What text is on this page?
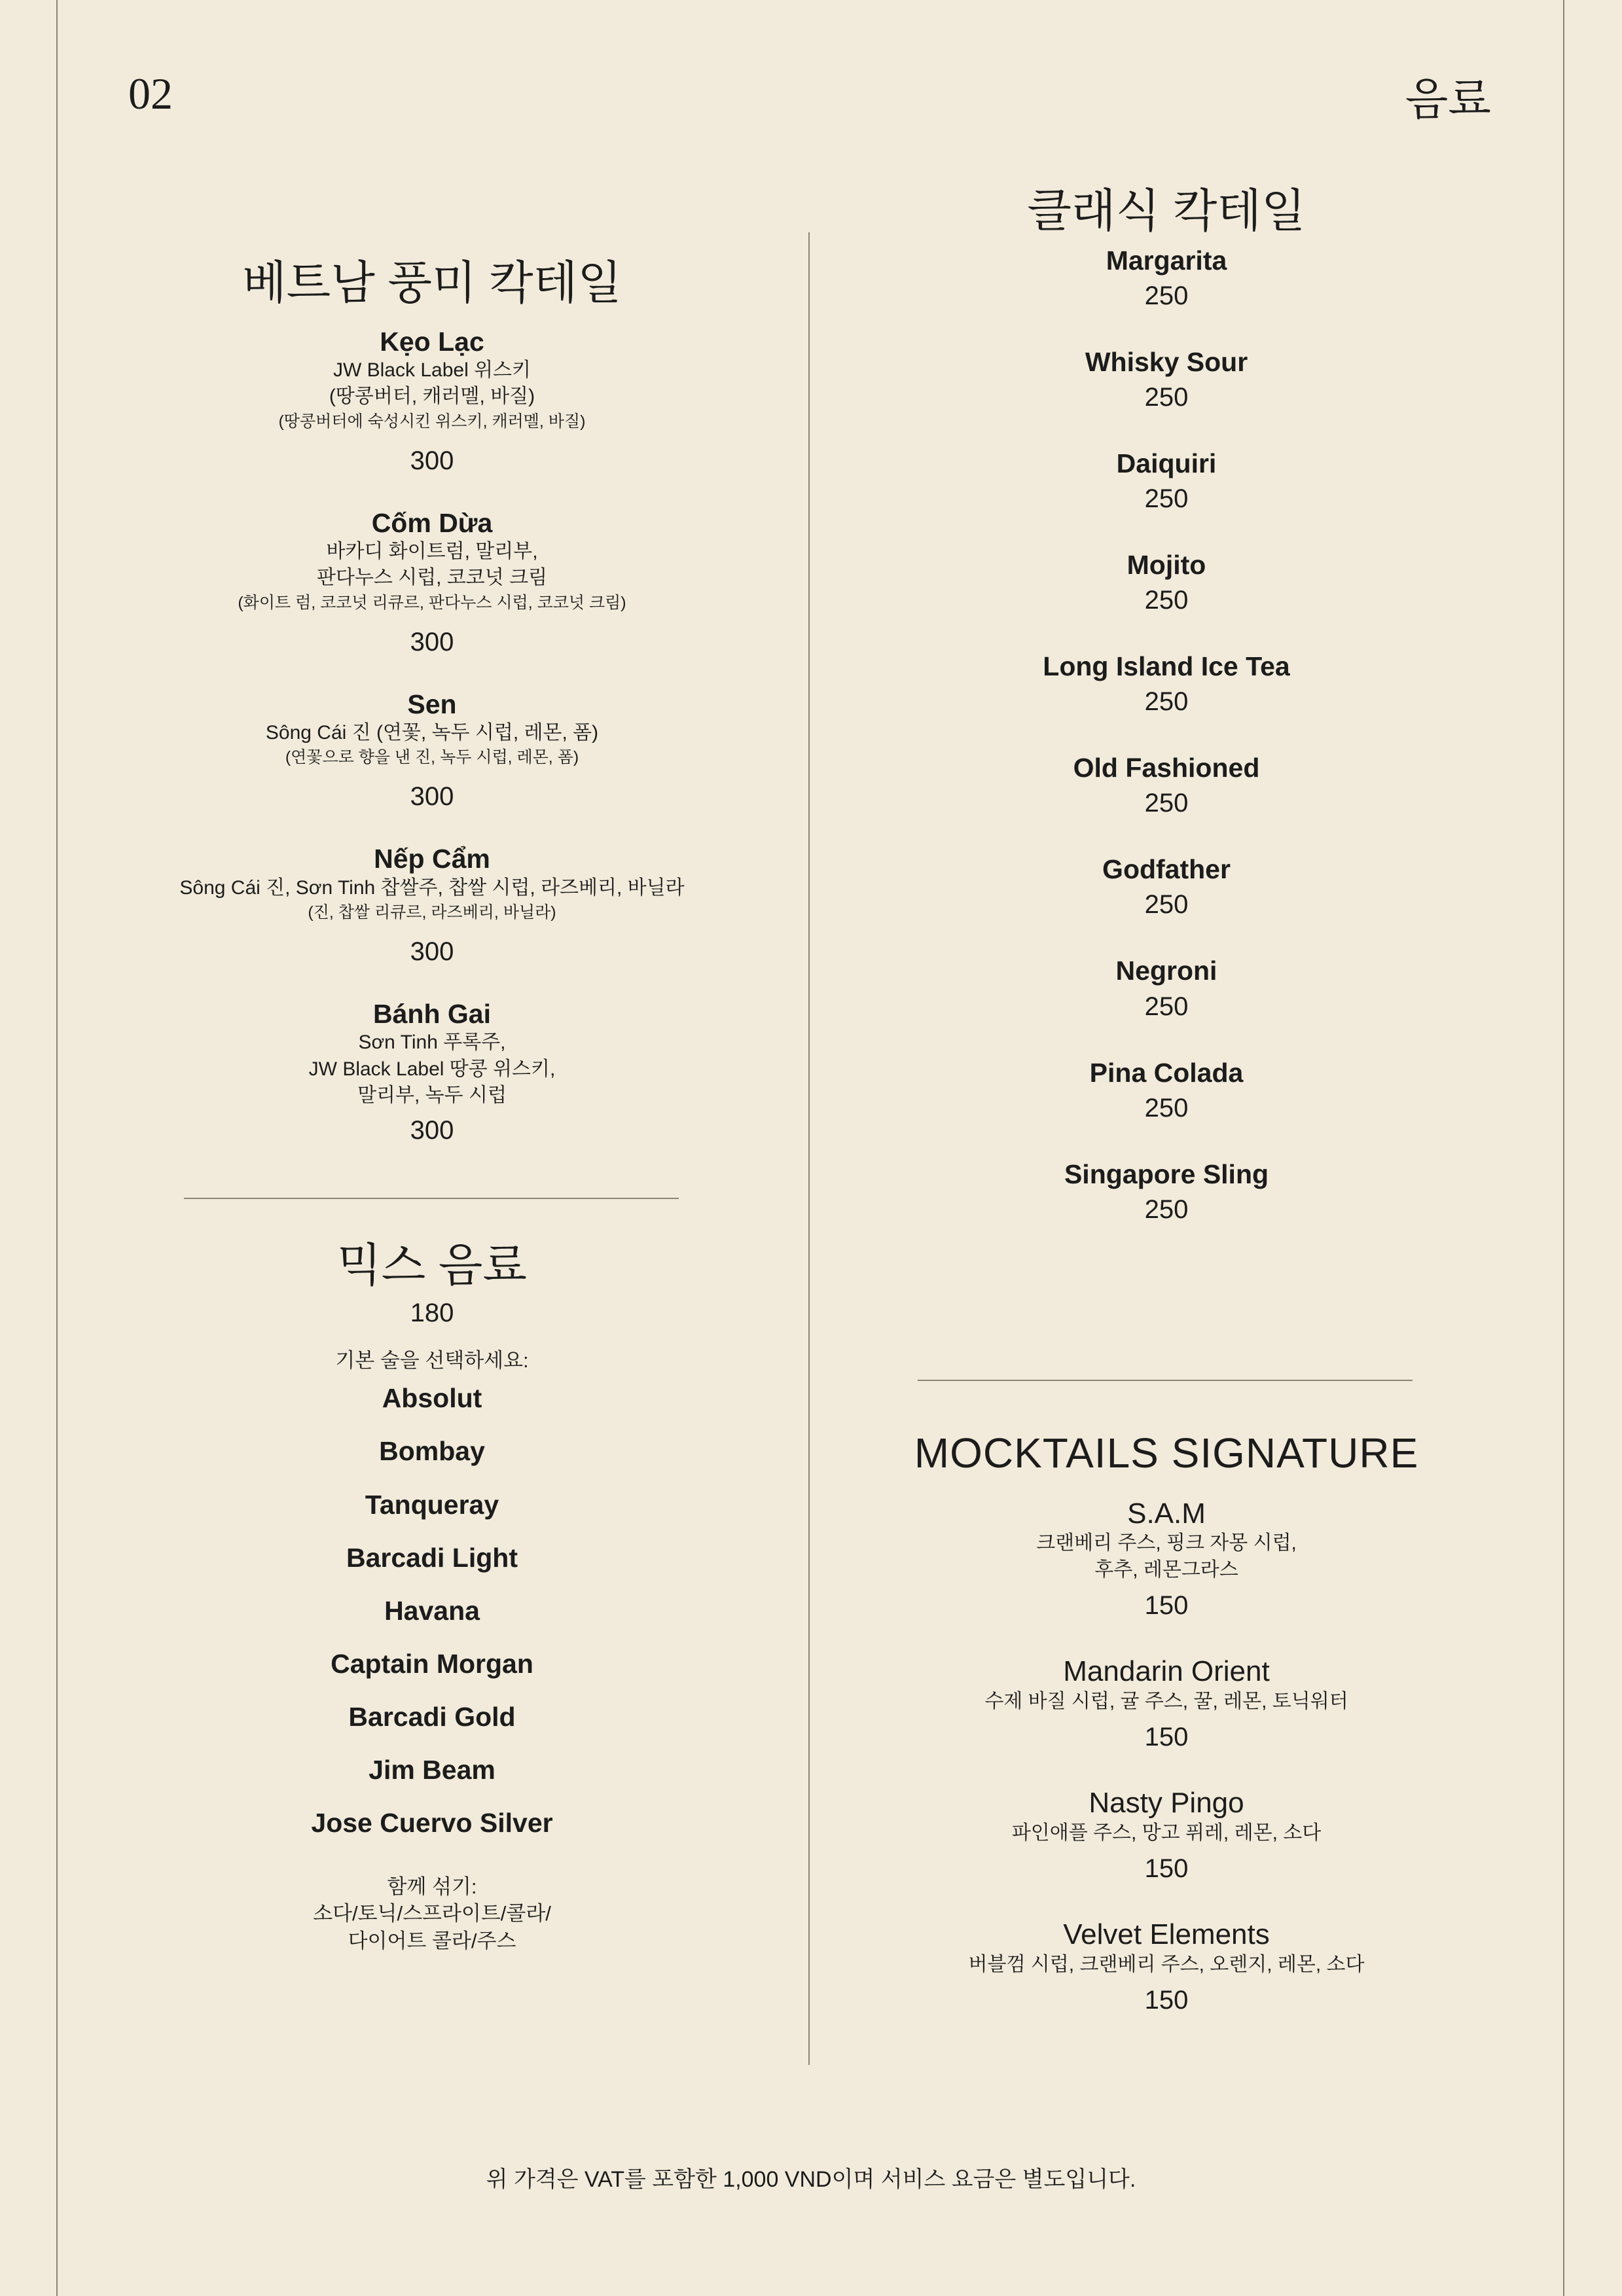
02	음료
베트남 풍미 칵테일
Kẹo Lạc
JW Black Label 위스키
(땅콩버터, 캐러멜, 바질)
(땅콩버터에 숙성시킨 위스키, 캐러멜, 바질)
300
Cốm Dừa
바카디 화이트럼, 말리부,
판다누스 시럽, 코코넛 크림
(화이트 럼, 코코넛 리큐르, 판다누스 시럽, 코코넛 크림)
300
Sen
Sông Cái 진 (연꽃, 녹두 시럽, 레몬, 폼)
(연꽃으로 향을 낸 진, 녹두 시럽, 레몬, 폼)
300
Nếp Cẩm
Sông Cái 진, Sơn Tinh 찹쌀주, 찹쌀 시럽, 라즈베리, 바닐라
(진, 찹쌀 리큐르, 라즈베리, 바닐라)
300
Bánh Gai
Sơn Tinh 푸록주,
JW Black Label 땅콩 위스키,
말리부, 녹두 시럽
300
믹스 음료
180
기본 술을 선택하세요:
Absolut
Bombay
Tanqueray
Barcadi Light
Havana
Captain Morgan
Barcadi Gold
Jim Beam
Jose Cuervo Silver
함께 섞기:
소다/토닉/스프라이트/콜라/
다이어트 콜라/주스
클래식 칵테일
Margarita
250
Whisky Sour
250
Daiquiri
250
Mojito
250
Long Island Ice Tea
250
Old Fashioned
250
Godfather
250
Negroni
250
Pina Colada
250
Singapore Sling
250
MOCKTAILS SIGNATURE
S.A.M
크랜베리 주스, 핑크 자몽 시럽,
후추, 레몬그라스
150
Mandarin Orient
수제 바질 시럽, 귤 주스, 꿀, 레몬, 토닉워터
150
Nasty Pingo
파인애플 주스, 망고 퓌레, 레몬, 소다
150
Velvet Elements
버블껌 시럽, 크랜베리 주스, 오렌지, 레몬, 소다
150
위 가격은 VAT를 포함한 1,000 VND이며 서비스 요금은 별도입니다.
